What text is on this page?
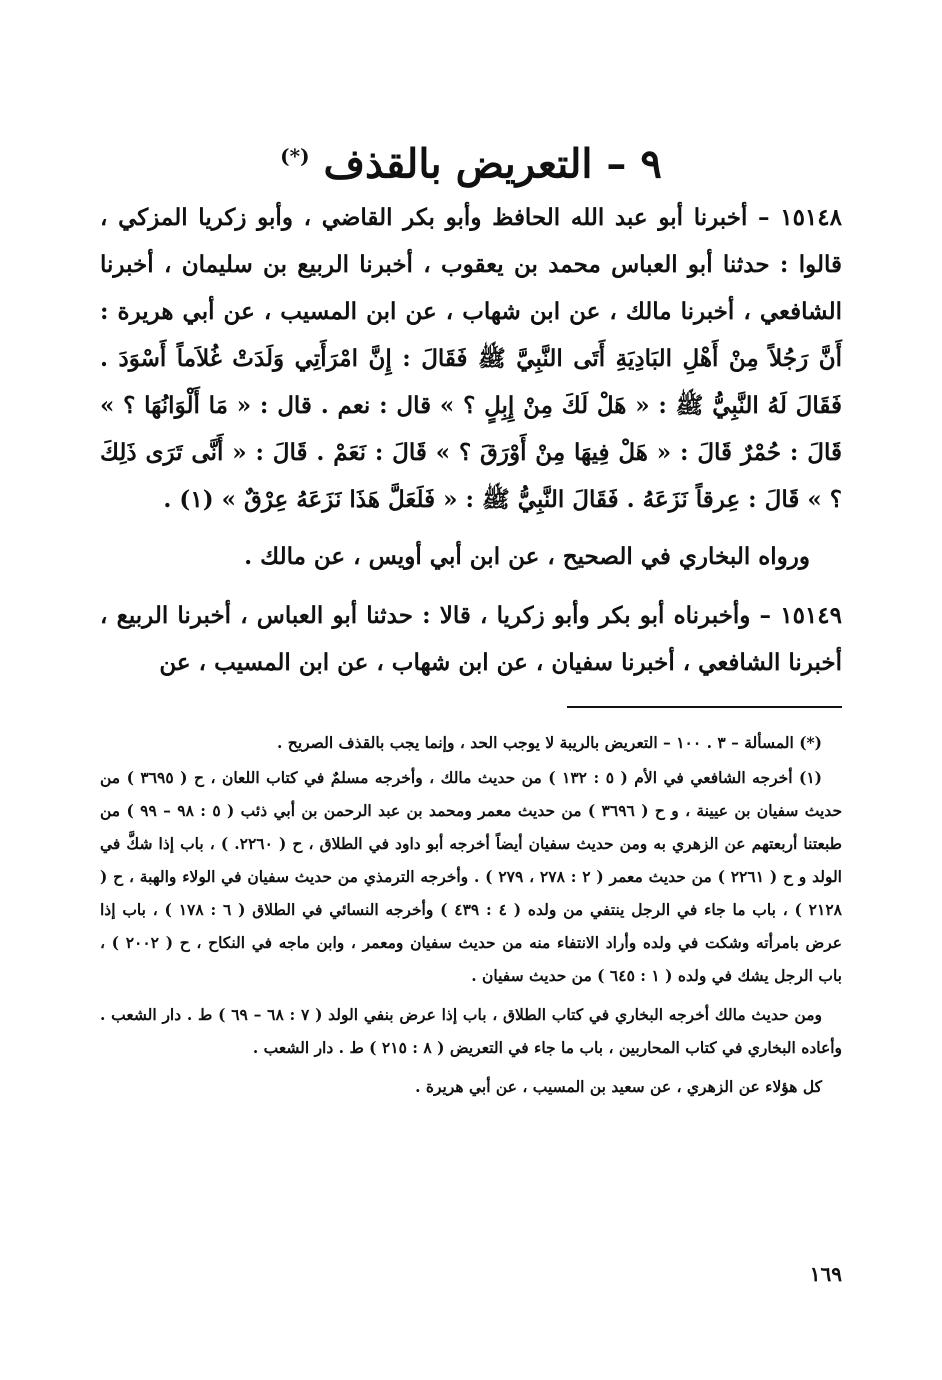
٩ – التعريض بالقذف (*)

١٥١٤٨ – أخبرنا أبو عبد الله الحافظ وأبو بكر القاضي ، وأبو زكريا المزكي ، قالوا : حدثنا أبو العباس محمد بن يعقوب ، أخبرنا الربيع بن سليمان ، أخبرنا الشافعي ، أخبرنا مالك ، عن ابن شهاب ، عن ابن المسيب ، عن أبي هريرة : أَنَّ رَجُلاً مِنْ أَهْلِ البَادِيَةِ أَتَى النَّبِيَّ ﷺ فَقَالَ : إِنَّ امْرَأَتِي وَلَدَتْ غُلاَماً أَسْوَدَ . فَقَالَ لَهُ النَّبِيُّ ﷺ : « هَلْ لَكَ مِنْ إِبِلٍ ؟ » قال : نعم . قال : « مَا أَلْوَانُهَا ؟ » قَالَ : حُمْرٌ قَالَ : « هَلْ فِيهَا مِنْ أَوْرَقَ ؟ » قَالَ : نَعَمْ . قَالَ : « أَنَّى تَرَى ذَلِكَ ؟ » قَالَ : عِرقاً نَزَعَهُ . فَقَالَ النَّبِيُّ ﷺ : « فَلَعَلَّ هَذَا نَزَعَهُ عِرْقٌ » (١) .

ورواه البخاري في الصحيح ، عن ابن أبي أويس ، عن مالك .

١٥١٤٩ – وأخبرناه أبو بكر وأبو زكريا ، قالا : حدثنا أبو العباس ، أخبرنا الربيع ، أخبرنا الشافعي ، أخبرنا سفيان ، عن ابن شهاب ، عن ابن المسيب ، عن

(*) المسألة – ٣ . ١٠٠ – التعريض بالريبة لا يوجب الحد ، وإنما يجب بالقذف الصريح .

(١) أخرجه الشافعي في الأم ( ٥ : ١٣٢ ) من حديث مالك ، وأخرجه مسلمٌ في كتاب اللعان ، ح ( ٣٦٩٥ ) من حديث سفيان بن عيينة ، و ح ( ٣٦٩٦ ) من حديث معمر ومحمد بن عبد الرحمن بن أبي ذئب ( ٥ : ٩٨ – ٩٩ ) من طبعتنا أربعتهم عن الزهري به ومن حديث سفيان أيضاً أخرجه أبو داود في الطلاق ، ح ( ٢٢٦٠. ) ، باب إذا شكَّ في الولد و ح ( ٢٢٦١ ) من حديث معمر ( ٢ : ٢٧٨ ، ٢٧٩ ) . وأخرجه الترمذي من حديث سفيان في الولاء والهبة ، ح ( ٢١٢٨ ) ، باب ما جاء في الرجل ينتفي من ولده ( ٤ : ٤٣٩ ) وأخرجه النسائي في الطلاق ( ٦ : ١٧٨ ) ، باب إذا عرض بامرأته وشكت في ولده وأراد الانتفاء منه من حديث سفيان ومعمر ، وابن ماجه في النكاح ، ح ( ٢٠٠٢ ) ، باب الرجل يشك في ولده ( ١ : ٦٤٥ ) من حديث سفيان .

ومن حديث مالك أخرجه البخاري في كتاب الطلاق ، باب إذا عرض بنفي الولد ( ٧ : ٦٨ – ٦٩ ) ط . دار الشعب . وأعاده البخاري في كتاب المحاربين ، باب ما جاء في التعريض ( ٨ : ٢١٥ ) ط . دار الشعب .

كل هؤلاء عن الزهري ، عن سعيد بن المسيب ، عن أبي هريرة .

١٦٩
